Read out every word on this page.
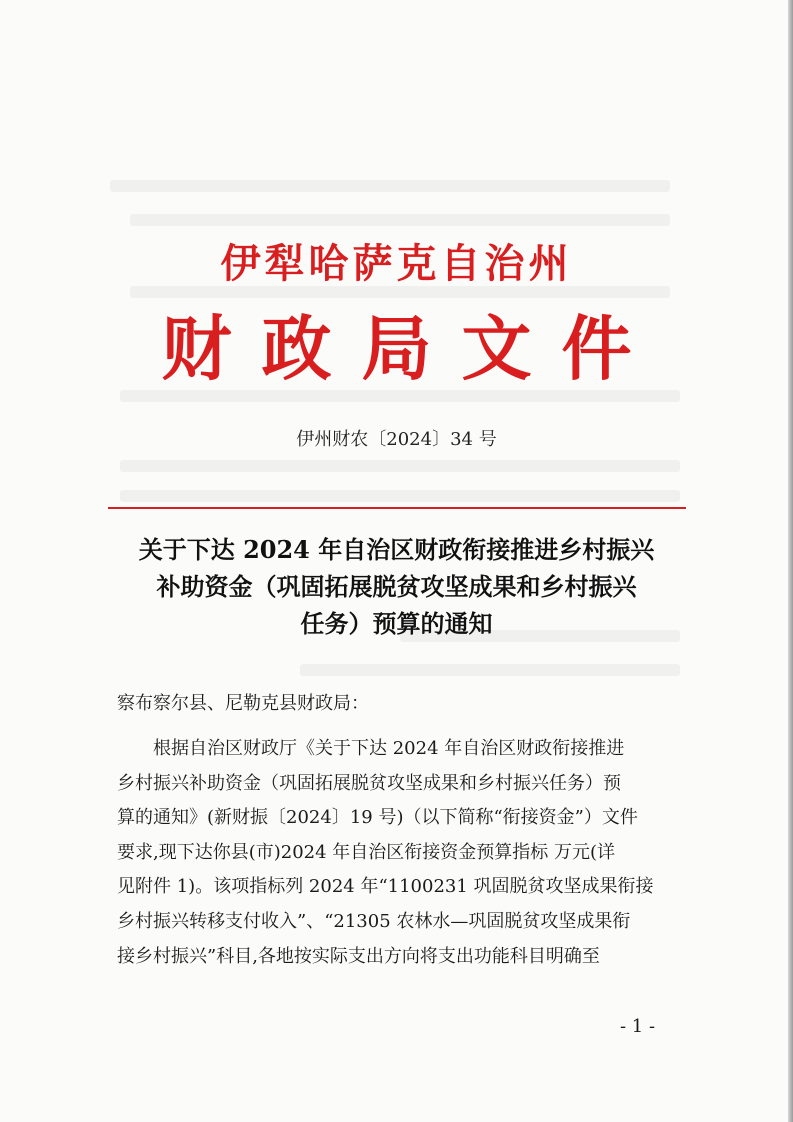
伊犁哈萨克自治州
财政局文件
伊州财农〔2024〕34 号
关于下达 2024 年自治区财政衔接推进乡村振兴
补助资金（巩固拓展脱贫攻坚成果和乡村振兴
任务）预算的通知
察布察尔县、尼勒克县财政局：
根据自治区财政厅《关于下达 2024 年自治区财政衔接推进
乡村振兴补助资金（巩固拓展脱贫攻坚成果和乡村振兴任务）预
算的通知》(新财振〔2024〕19 号)（以下简称“衔接资金”）文件
要求,现下达你县(市)2024 年自治区衔接资金预算指标 万元(详
见附件 1)。该项指标列 2024 年“1100231 巩固脱贫攻坚成果衔接
乡村振兴转移支付收入”、“21305 农林水—巩固脱贫攻坚成果衔
接乡村振兴”科目,各地按实际支出方向将支出功能科目明确至
- 1 -
